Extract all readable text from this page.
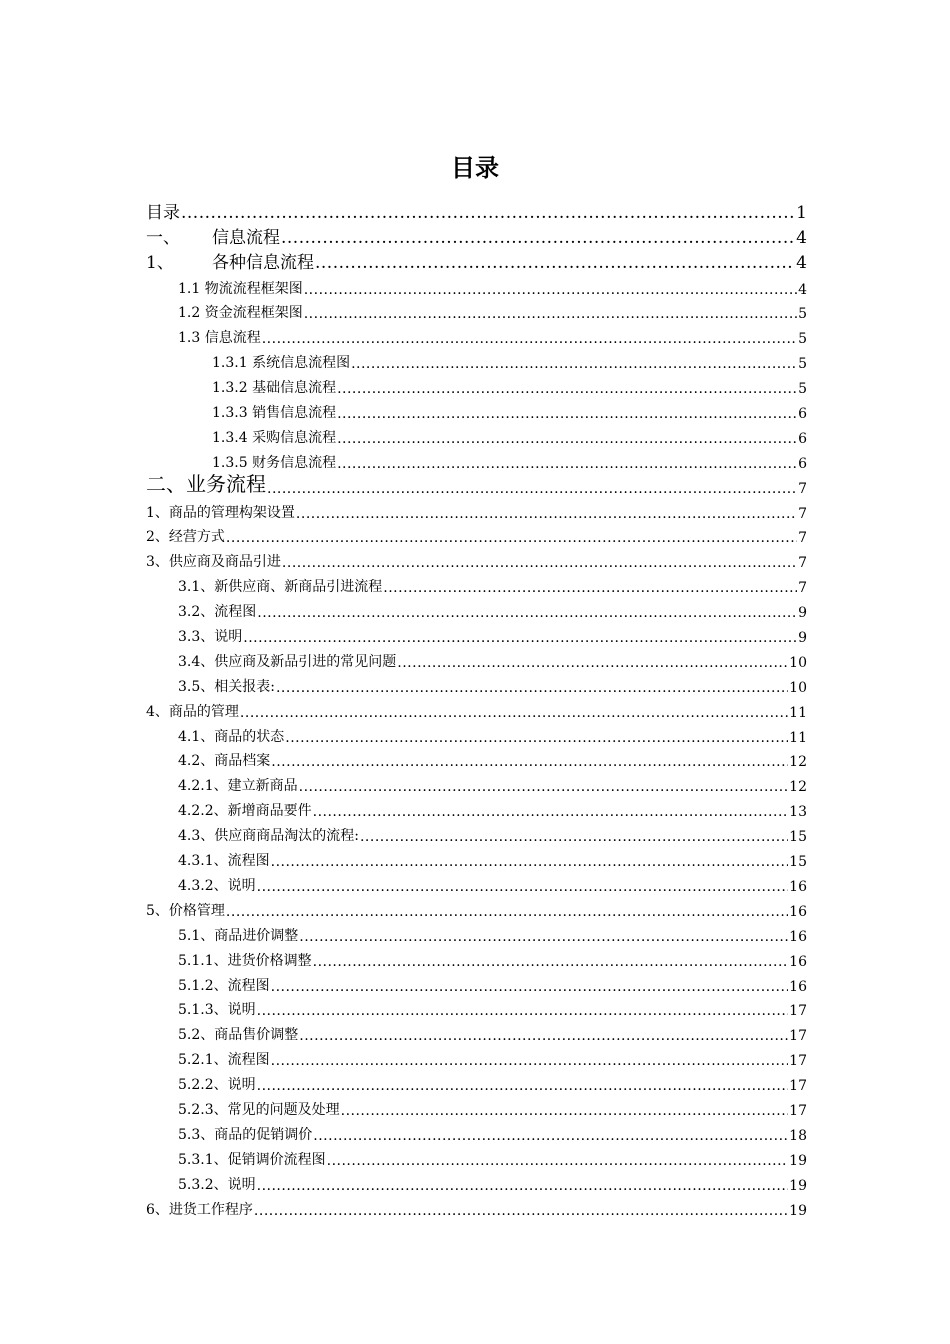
目录
目录 .....	1
一、	信息流程 .....	4
1、	各种信息流程 .....	4
1.1 物流流程框架图 .....	4
1.2 资金流程框架图 .....	5
1.3 信息流程 .....	5
1.3.1 系统信息流程图 .....	5
1.3.2 基础信息流程 .....	5
1.3.3 销售信息流程 .....	6
1.3.4 采购信息流程 .....	6
1.3.5 财务信息流程 .....	6
二、业务流程 .....	7
1、商品的管理构架设置 .....	7
2、经营方式 .....	7
3、供应商及商品引进 .....	7
3.1、新供应商、新商品引进流程 .....	7
3.2、流程图 .....	9
3.3、说明 .....	9
3.4、供应商及新品引进的常见问题 .....	10
3.5、相关报表: .....	10
4、商品的管理 .....	11
4.1、商品的状态 .....	11
4.2、商品档案 .....	12
4.2.1、建立新商品 .....	12
4.2.2、新增商品要件 .....	13
4.3、供应商商品淘汰的流程: .....	15
4.3.1、流程图 .....	15
4.3.2、说明 .....	16
5、价格管理 .....	16
5.1、商品进价调整 .....	16
5.1.1、进货价格调整 .....	16
5.1.2、流程图 .....	16
5.1.3、说明 .....	17
5.2、商品售价调整 .....	17
5.2.1、流程图 .....	17
5.2.2、说明 .....	17
5.2.3、常见的问题及处理 .....	17
5.3、商品的促销调价 .....	18
5.3.1、促销调价流程图 .....	19
5.3.2、说明 .....	19
6、进货工作程序 .....	19
